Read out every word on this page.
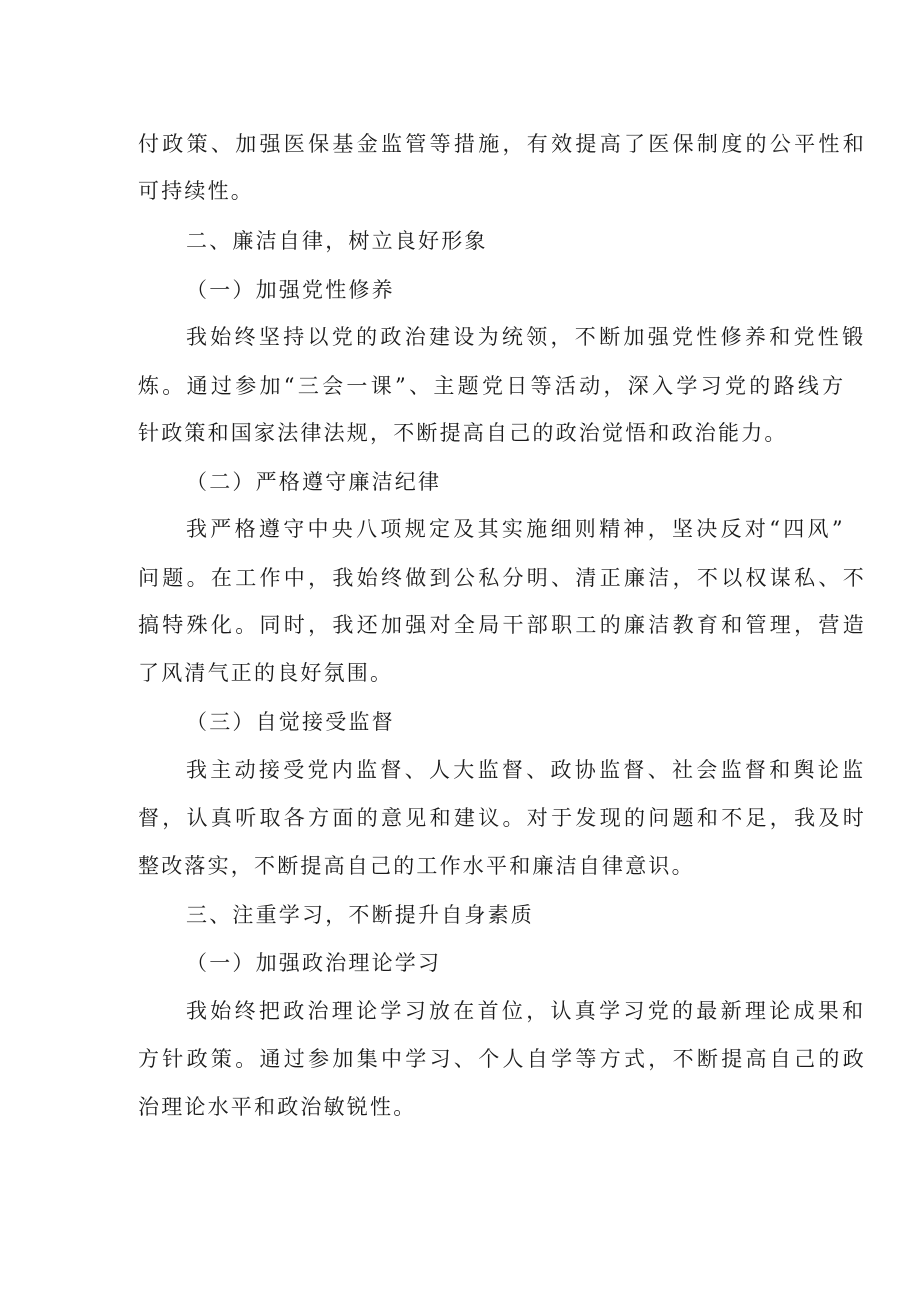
付政策、加强医保基金监管等措施，有效提高了医保制度的公平性和
可持续性。
二、廉洁自律，树立良好形象
（一）加强党性修养
我始终坚持以党的政治建设为统领，不断加强党性修养和党性锻
炼。通过参加“三会一课”、主题党日等活动，深入学习党的路线方
针政策和国家法律法规，不断提高自己的政治觉悟和政治能力。
（二）严格遵守廉洁纪律
我严格遵守中央八项规定及其实施细则精神，坚决反对“四风”
问题。在工作中，我始终做到公私分明、清正廉洁，不以权谋私、不
搞特殊化。同时，我还加强对全局干部职工的廉洁教育和管理，营造
了风清气正的良好氛围。
（三）自觉接受监督
我主动接受党内监督、人大监督、政协监督、社会监督和舆论监
督，认真听取各方面的意见和建议。对于发现的问题和不足，我及时
整改落实，不断提高自己的工作水平和廉洁自律意识。
三、注重学习，不断提升自身素质
（一）加强政治理论学习
我始终把政治理论学习放在首位，认真学习党的最新理论成果和
方针政策。通过参加集中学习、个人自学等方式，不断提高自己的政
治理论水平和政治敏锐性。
